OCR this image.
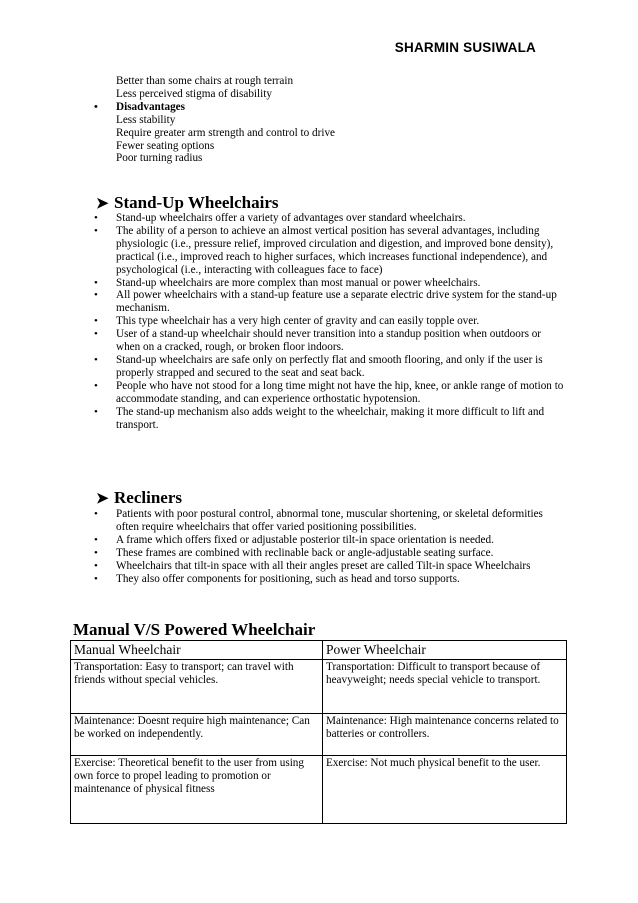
SHARMIN SUSIWALA
Better than some chairs at rough terrain
Less perceived stigma of disability
• Disadvantages
Less stability
Require greater arm strength and control to drive
Fewer seating options
Poor turning radius
➤ Stand-Up Wheelchairs
• Stand-up wheelchairs offer a variety of advantages over standard wheelchairs.
• The ability of a person to achieve an almost vertical position has several advantages, including physiologic (i.e., pressure relief, improved circulation and digestion, and improved bone density), practical (i.e., improved reach to higher surfaces, which increases functional independence), and psychological (i.e., interacting with colleagues face to face)
• Stand-up wheelchairs are more complex than most manual or power wheelchairs.
• All power wheelchairs with a stand-up feature use a separate electric drive system for the stand-up mechanism.
• This type wheelchair has a very high center of gravity and can easily topple over.
• User of a stand-up wheelchair should never transition into a standup position when outdoors or when on a cracked, rough, or broken floor indoors.
• Stand-up wheelchairs are safe only on perfectly flat and smooth flooring, and only if the user is properly strapped and secured to the seat and seat back.
• People who have not stood for a long time might not have the hip, knee, or ankle range of motion to accommodate standing, and can experience orthostatic hypotension.
• The stand-up mechanism also adds weight to the wheelchair, making it more difficult to lift and transport.
➤ Recliners
• Patients with poor postural control, abnormal tone, muscular shortening, or skeletal deformities often require wheelchairs that offer varied positioning possibilities.
• A frame which offers fixed or adjustable posterior tilt-in space orientation is needed.
• These frames are combined with reclinable back or angle-adjustable seating surface.
• Wheelchairs that tilt-in space with all their angles preset are called Tilt-in space Wheelchairs
• They also offer components for positioning, such as head and torso supports.
Manual V/S Powered Wheelchair
Manual Wheelchair	Power Wheelchair
Transportation: Easy to transport; can travel with friends without special vehicles.	Transportation: Difficult to transport because of heavyweight; needs special vehicle to transport.
Maintenance: Doesnt require high maintenance; Can be worked on independently.	Maintenance: High maintenance concerns related to batteries or controllers.
Exercise: Theoretical benefit to the user from using own force to propel leading to promotion or maintenance of physical fitness	Exercise: Not much physical benefit to the user.
